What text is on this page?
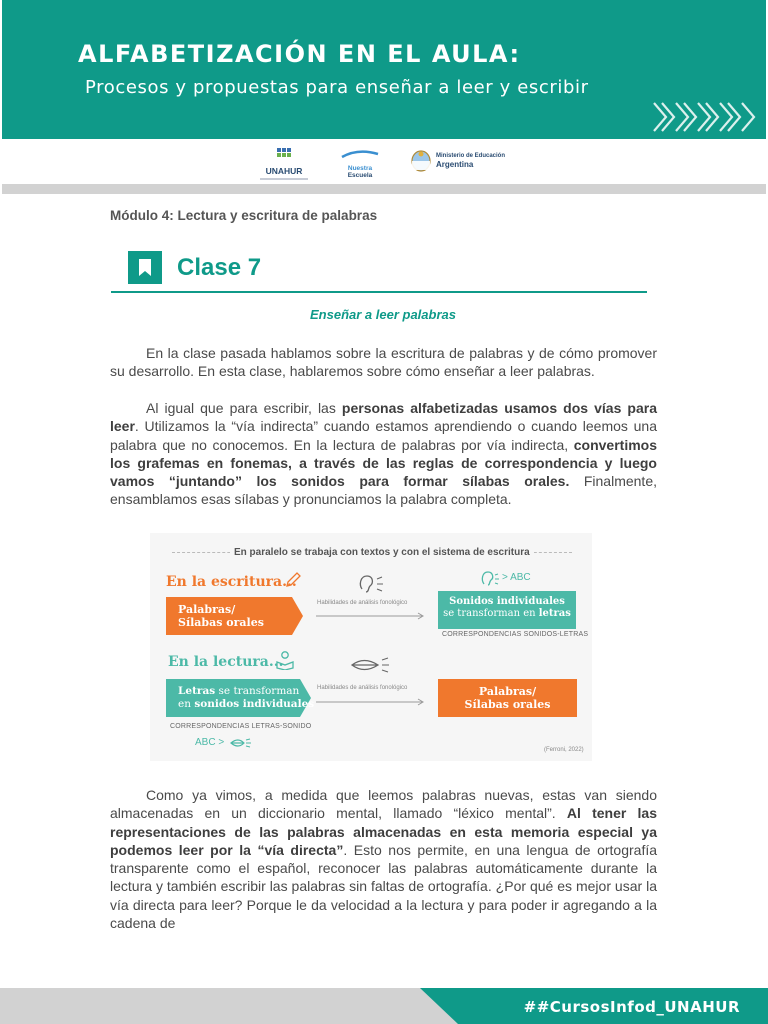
ALFABETIZACIÓN EN EL AULA:
Procesos y propuestas para enseñar a leer y escribir
UNAHUR	Nuestra
Escuela
Ministerio de Educación
Argentina
Módulo 4: Lectura y escritura de palabras
Clase 7
Enseñar a leer palabras

En la clase pasada hablamos sobre la escritura de palabras y de cómo promover su desarrollo. En esta clase, hablaremos sobre cómo enseñar a leer palabras.

Al igual que para escribir, las personas alfabetizadas usamos dos vías para leer. Utilizamos la “vía indirecta” cuando estamos aprendiendo o cuando leemos una palabra que no conocemos. En la lectura de palabras por vía indirecta, convertimos los grafemas en fonemas, a través de las reglas de correspondencia y luego vamos “juntando” los sonidos para formar sílabas orales. Finalmente, ensamblamos esas sílabas y pronunciamos la palabra completa.

En paralelo se trabaja con textos y con el sistema de escritura
En la escritura...
Palabras/
Sílabas orales
Habilidades de análisis fonológico
> ABC
Sonidos individuales
se transforman en letras
CORRESPONDENCIAS SONIDOS-LETRAS
En la lectura...
Letras se transforman
en sonidos individuales
CORRESPONDENCIAS LETRAS-SONIDO
ABC >
Habilidades de análisis fonológico	Palabras/
Sílabas orales
(Ferroni, 2022)

Como ya vimos, a medida que leemos palabras nuevas, estas van siendo almacenadas en un diccionario mental, llamado “léxico mental”. Al tener las representaciones de las palabras almacenadas en esta memoria especial ya podemos leer por la “vía directa”. Esto nos permite, en una lengua de ortografía transparente como el español, reconocer las palabras automáticamente durante la lectura y también escribir las palabras sin faltas de ortografía. ¿Por qué es mejor usar la vía directa para leer? Porque le da velocidad a la lectura y para poder ir agregando a la cadena de

##CursosInfod_UNAHUR
